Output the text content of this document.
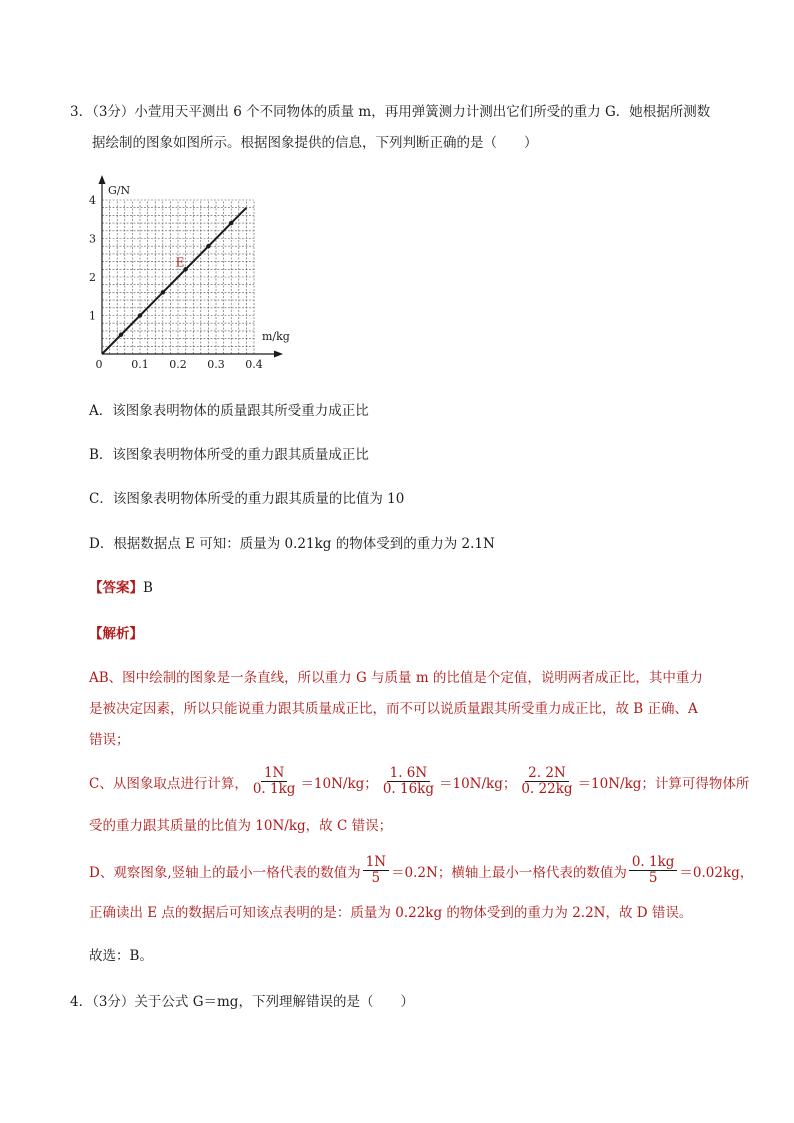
3．（3分）小萱用天平测出 6 个不同物体的质量 m，再用弹簧测力计测出它们所受的重力 G．她根据所测数
据绘制的图象如图所示。根据图象提供的信息，下列判断正确的是（　　）
E
0	0.1 0.2 0.3 0.4
1
2
3
4
G/N
m/kg
A．该图象表明物体的质量跟其所受重力成正比
B．该图象表明物体所受的重力跟其质量成正比
C．该图象表明物体所受的重力跟其质量的比值为 10
D．根据数据点 E 可知：质量为 0.21kg 的物体受到的重力为 2.1N
【答案】B
【解析】
AB、图中绘制的图象是一条直线，所以重力 G 与质量 m 的比值是个定值，说明两者成正比，其中重力
是被决定因素，所以只能说重力跟其质量成正比，而不可以说质量跟其所受重力成正比，故 B 正确、A
错误；
C、从图象取点进行计算， $\frac{1N}{0. 1kg} =10N/kg$； $\frac{1. 6N}{0. 16kg} =10N/kg$； $\frac{2. 2N}{0. 22kg} =10N/kg$；计算可得物体所
受的重力跟其质量的比值为 10N/kg，故 C 错误；
D、观察图象,竖轴上的最小一格代表的数值为 $\frac{1N}{5} =0.2N$；横轴上最小一格代表的数值为 $\frac{0. 1kg}{5} =0.02kg$，
正确读出 E 点的数据后可知该点表明的是：质量为 0.22kg 的物体受到的重力为 2.2N，故 D 错误。
故选：B。
4．（3分）关于公式 G＝mg，下列理解错误的是（　　）
